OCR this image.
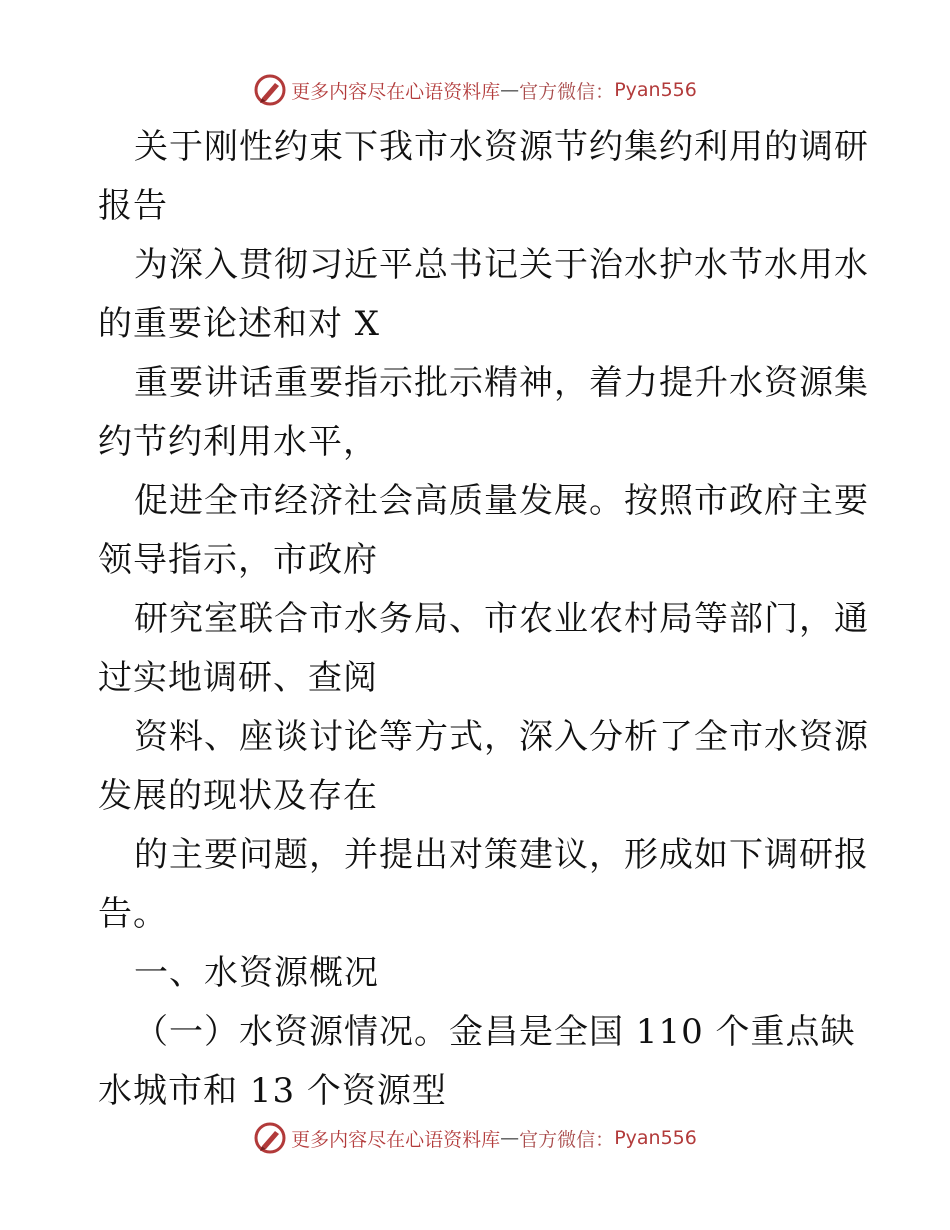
更多内容尽在心语资料库 — 官方微信： Pyan556

关于刚性约束下我市水资源节约集约利用的调研
报告

为深入贯彻习近平总书记关于治水护水节水用水
的重要论述和对 X

重要讲话重要指示批示精神，着力提升水资源集
约节约利用水平，

促进全市经济社会高质量发展。按照市政府主要
领导指示，市政府

研究室联合市水务局、市农业农村局等部门，通
过实地调研、查阅

资料、座谈讨论等方式，深入分析了全市水资源
发展的现状及存在

的主要问题，并提出对策建议，形成如下调研报
告。

一、水资源概况

（一）水资源情况。金昌是全国 110 个重点缺
水城市和 13 个资源型

更多内容尽在心语资料库 — 官方微信： Pyan556
